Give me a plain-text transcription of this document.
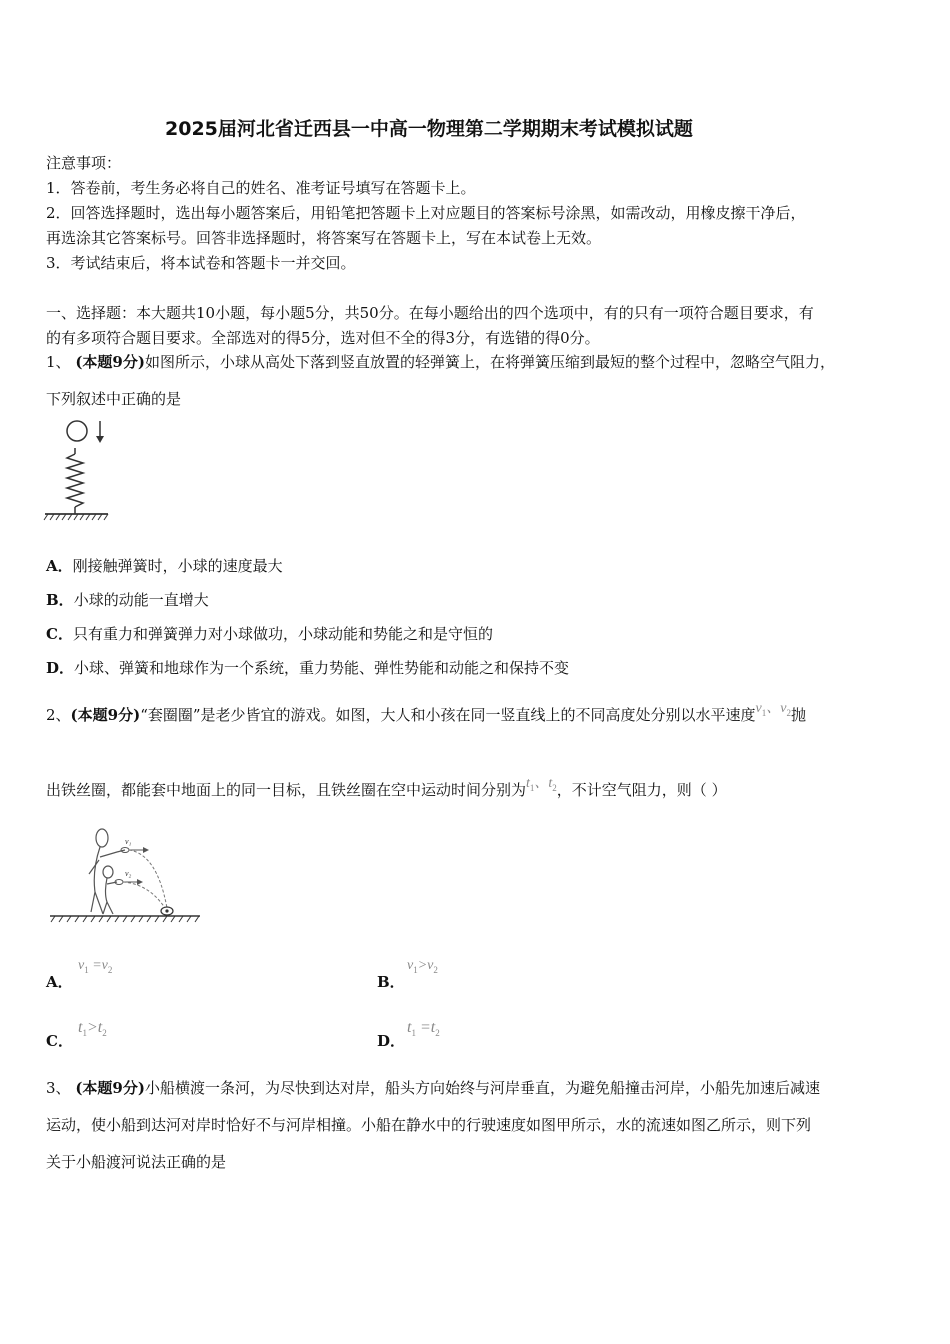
2025届河北省迁西县一中高一物理第二学期期末考试模拟试题
注意事项：
1．答卷前，考生务必将自己的姓名、准考证号填写在答题卡上。
2．回答选择题时，选出每小题答案后，用铅笔把答题卡上对应题目的答案标号涂黑，如需改动，用橡皮擦干净后，
再选涂其它答案标号。回答非选择题时，将答案写在答题卡上，写在本试卷上无效。
3．考试结束后，将本试卷和答题卡一并交回。
一、选择题：本大题共10小题，每小题5分，共50分。在每小题给出的四个选项中，有的只有一项符合题目要求，有
的有多项符合题目要求。全部选对的得5分，选对但不全的得3分，有选错的得0分。
1、 (本题9分)如图所示，小球从高处下落到竖直放置的轻弹簧上，在将弹簧压缩到最短的整个过程中，忽略空气阻力，
下列叙述中正确的是
A．刚接触弹簧时，小球的速度最大
B．小球的动能一直增大
C．只有重力和弹簧弹力对小球做功，小球动能和势能之和是守恒的
D．小球、弹簧和地球作为一个系统，重力势能、弹性势能和动能之和保持不变
2、(本题9分)“套圈圈”是老少皆宜的游戏。如图，大人和小孩在同一竖直线上的不同高度处分别以水平速度$v_1$、$v_2$抛
出铁丝圈，都能套中地面上的同一目标，且铁丝圈在空中运动时间分别为$t_1$、$t_2$，不计空气阻力，则（ ）
v₁
v₂
A．
$v_1 =v_2$
B．
$v_1>v_2$
C．
$t_1>t_2$	D．
$t_1 =t_2$
3、 (本题9分)小船横渡一条河，为尽快到达对岸，船头方向始终与河岸垂直，为避免船撞击河岸，小船先加速后减速
运动，使小船到达河对岸时恰好不与河岸相撞。小船在静水中的行驶速度如图甲所示，水的流速如图乙所示，则下列
关于小船渡河说法正确的是
